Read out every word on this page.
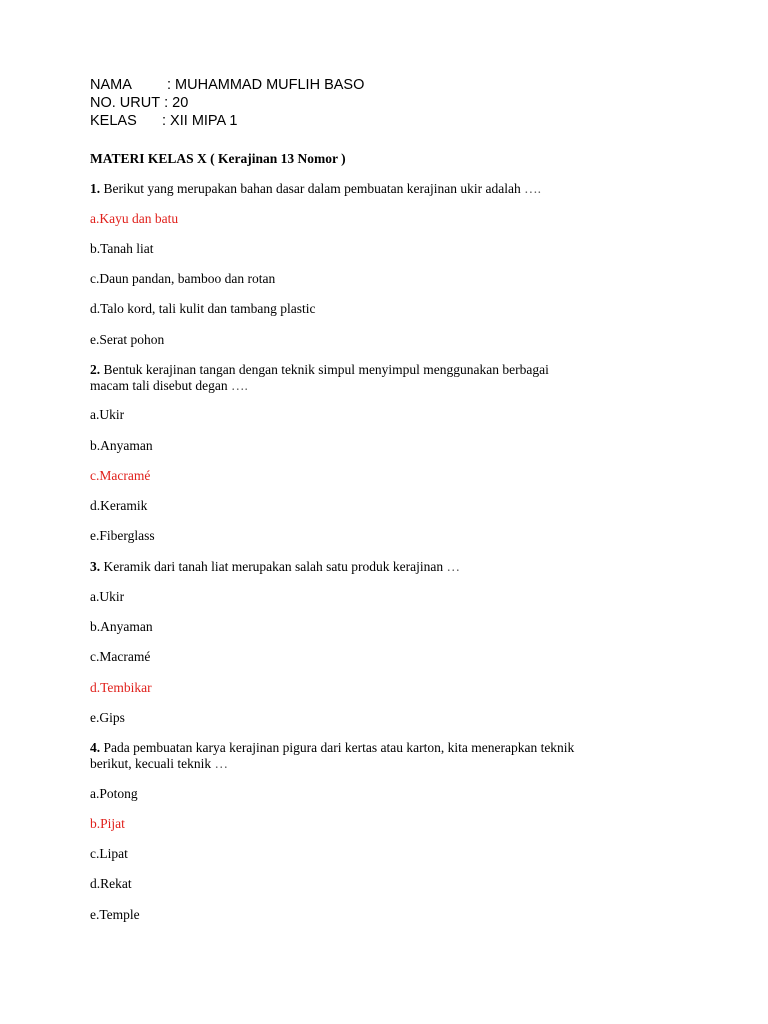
NAMA : MUHAMMAD MUFLIH BASO
NO. URUT : 20
KELAS : XII MIPA 1
MATERI KELAS X ( Kerajinan 13 Nomor )
1. Berikut yang merupakan bahan dasar dalam pembuatan kerajinan ukir adalah ….
a.Kayu dan batu
b.Tanah liat
c.Daun pandan, bamboo dan rotan
d.Talo kord, tali kulit dan tambang plastic
e.Serat pohon
2. Bentuk kerajinan tangan dengan teknik simpul menyimpul menggunakan berbagai
macam tali disebut degan ….
a.Ukir
b.Anyaman
c.Macramé
d.Keramik
e.Fiberglass
3. Keramik dari tanah liat merupakan salah satu produk kerajinan …
a.Ukir
b.Anyaman
c.Macramé
d.Tembikar
e.Gips
4. Pada pembuatan karya kerajinan pigura dari kertas atau karton, kita menerapkan teknik
berikut, kecuali teknik …
a.Potong
b.Pijat
c.Lipat
d.Rekat
e.Temple
